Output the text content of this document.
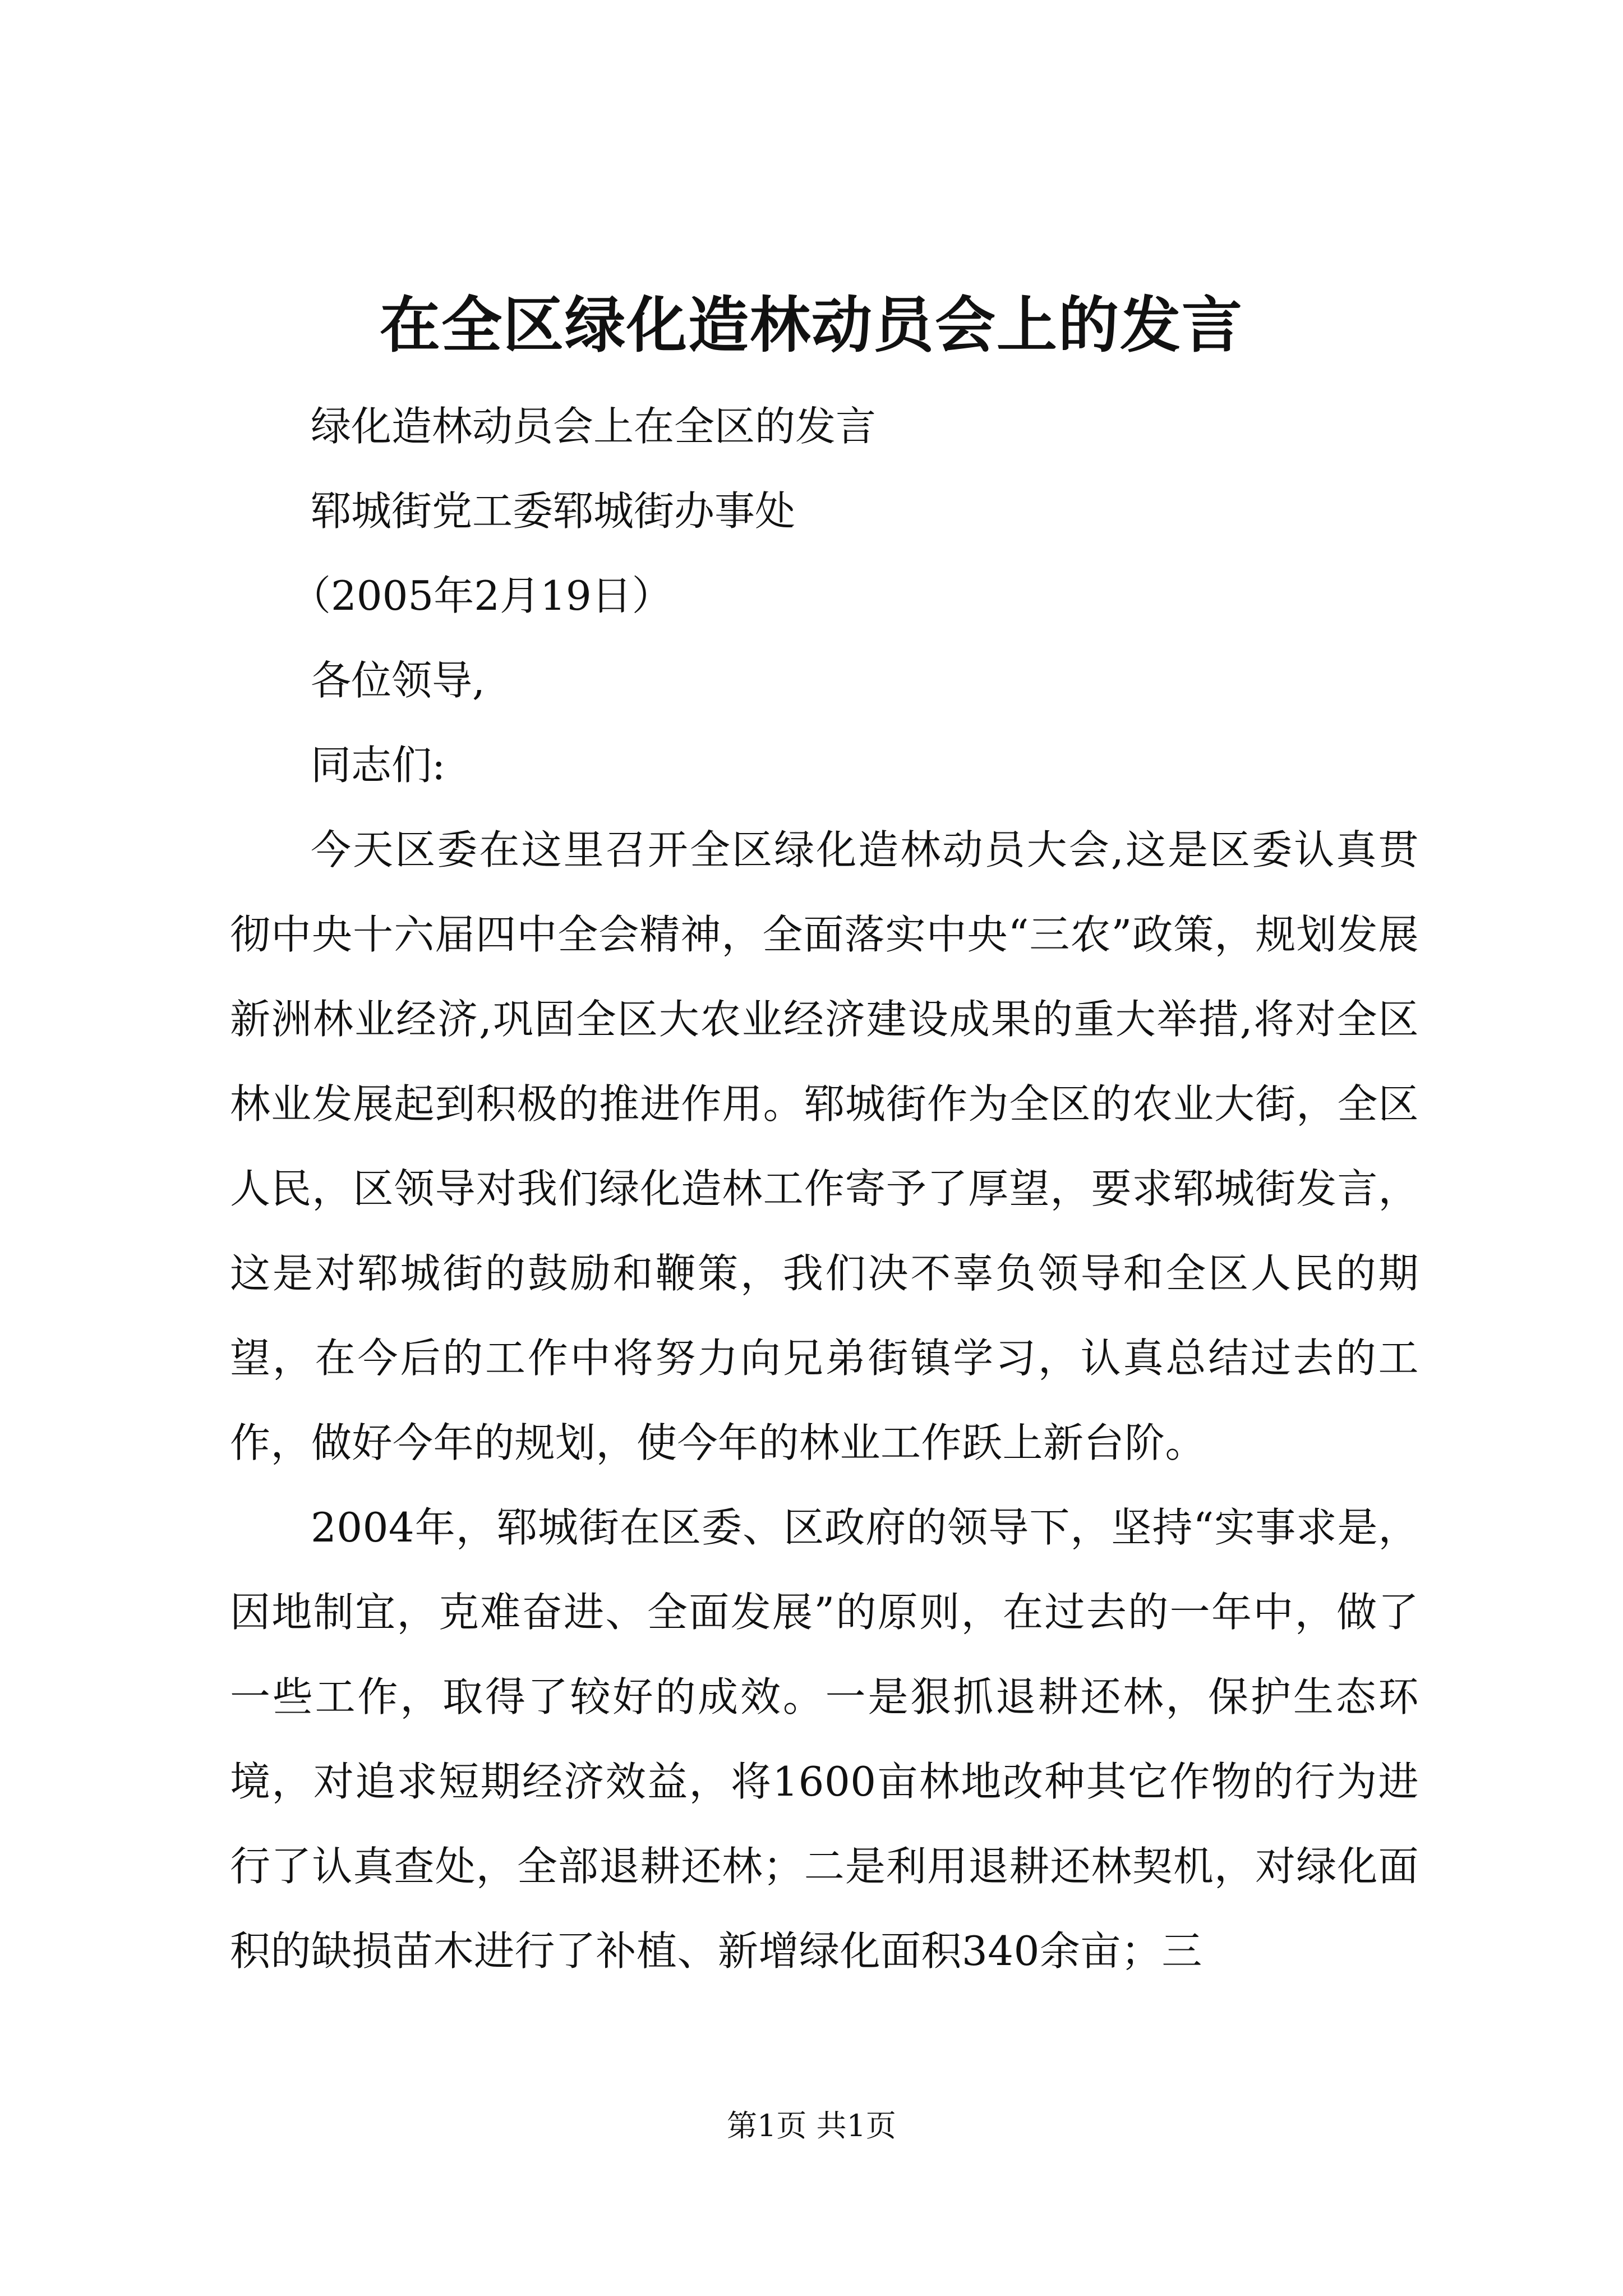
在全区绿化造林动员会上的发言

绿化造林动员会上在全区的发言

郓城街党工委郓城街办事处

（2005年2月19日）

各位领导,

同志们:

今天区委在这里召开全区绿化造林动员大会,这是区委认真贯彻中央十六届四中全会精神，全面落实中央“三农”政策，规划发展新洲林业经济,巩固全区大农业经济建设成果的重大举措,将对全区林业发展起到积极的推进作用。郓城街作为全区的农业大街，全区人民，区领导对我们绿化造林工作寄予了厚望，要求郓城街发言，这是对郓城街的鼓励和鞭策，我们决不辜负领导和全区人民的期望，在今后的工作中将努力向兄弟街镇学习，认真总结过去的工作，做好今年的规划，使今年的林业工作跃上新台阶。

2004年，郓城街在区委、区政府的领导下，坚持“实事求是，因地制宜，克难奋进、全面发展”的原则，在过去的一年中，做了一些工作，取得了较好的成效。一是狠抓退耕还林，保护生态环境，对追求短期经济效益，将1600亩林地改种其它作物的行为进行了认真查处，全部退耕还林；二是利用退耕还林契机，对绿化面积的缺损苗木进行了补植、新增绿化面积340余亩；三

第1页 共1页
